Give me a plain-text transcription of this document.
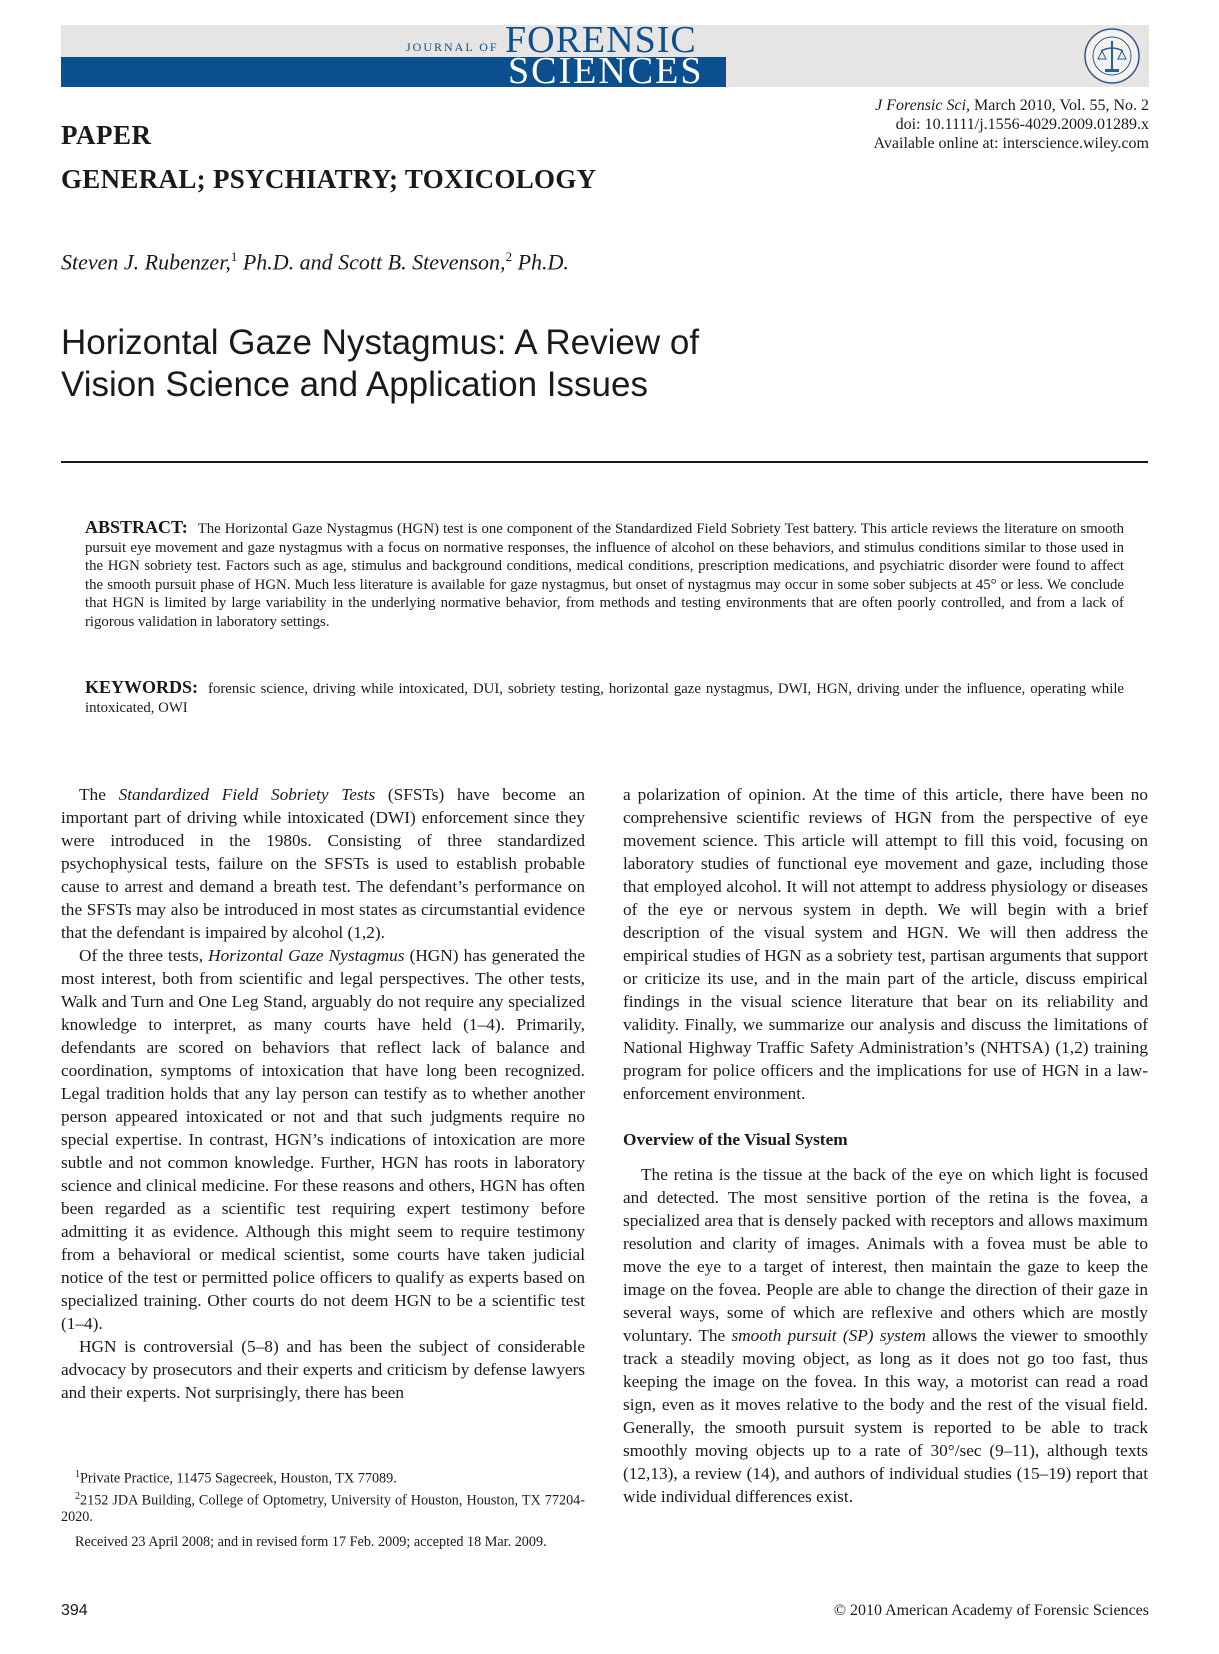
JOURNAL OF FORENSIC
SCIENCES
J Forensic Sci, March 2010, Vol. 55, No. 2
doi: 10.1111/j.1556-4029.2009.01289.x
Available online at: interscience.wiley.com
PAPER
GENERAL; PSYCHIATRY; TOXICOLOGY
Steven J. Rubenzer,$^1$ Ph.D. and Scott B. Stevenson,$^2$ Ph.D.
Horizontal Gaze Nystagmus: A Review of
Vision Science and Application Issues
ABSTRACT: The Horizontal Gaze Nystagmus (HGN) test is one component of the Standardized Field Sobriety Test battery. This article reviews the literature on smooth pursuit eye movement and gaze nystagmus with a focus on normative responses, the influence of alcohol on these behaviors, and stimulus conditions similar to those used in the HGN sobriety test. Factors such as age, stimulus and background conditions, medical conditions, prescription medications, and psychiatric disorder were found to affect the smooth pursuit phase of HGN. Much less literature is available for gaze nystagmus, but onset of nystagmus may occur in some sober subjects at 45° or less. We conclude that HGN is limited by large variability in the underlying normative behavior, from methods and testing environments that are often poorly controlled, and from a lack of rigorous validation in laboratory settings.
KEYWORDS: forensic science, driving while intoxicated, DUI, sobriety testing, horizontal gaze nystagmus, DWI, HGN, driving under the influence, operating while intoxicated, OWI

The Standardized Field Sobriety Tests (SFSTs) have become an important part of driving while intoxicated (DWI) enforcement since they were introduced in the 1980s. Consisting of three standardized psychophysical tests, failure on the SFSTs is used to establish probable cause to arrest and demand a breath test. The defendant’s performance on the SFSTs may also be introduced in most states as circumstantial evidence that the defendant is impaired by alcohol (1,2).

Of the three tests, Horizontal Gaze Nystagmus (HGN) has generated the most interest, both from scientific and legal perspectives. The other tests, Walk and Turn and One Leg Stand, arguably do not require any specialized knowledge to interpret, as many courts have held (1–4). Primarily, defendants are scored on behaviors that reflect lack of balance and coordination, symptoms of intoxication that have long been recognized. Legal tradition holds that any lay person can testify as to whether another person appeared intoxicated or not and that such judgments require no special expertise. In contrast, HGN’s indications of intoxication are more subtle and not common knowledge. Further, HGN has roots in laboratory science and clinical medicine. For these reasons and others, HGN has often been regarded as a scientific test requiring expert testimony before admitting it as evidence. Although this might seem to require testimony from a behavioral or medical scientist, some courts have taken judicial notice of the test or permitted police officers to qualify as experts based on specialized training. Other courts do not deem HGN to be a scientific test (1–4).

HGN is controversial (5–8) and has been the subject of considerable advocacy by prosecutors and their experts and criticism by defense lawyers and their experts. Not surprisingly, there has been

a polarization of opinion. At the time of this article, there have been no comprehensive scientific reviews of HGN from the perspective of eye movement science. This article will attempt to fill this void, focusing on laboratory studies of functional eye movement and gaze, including those that employed alcohol. It will not attempt to address physiology or diseases of the eye or nervous system in depth. We will begin with a brief description of the visual system and HGN. We will then address the empirical studies of HGN as a sobriety test, partisan arguments that support or criticize its use, and in the main part of the article, discuss empirical findings in the visual science literature that bear on its reliability and validity. Finally, we summarize our analysis and discuss the limitations of National Highway Traffic Safety Administration’s (NHTSA) (1,2) training program for police officers and the implications for use of HGN in a law-enforcement environment.

Overview of the Visual System

The retina is the tissue at the back of the eye on which light is focused and detected. The most sensitive portion of the retina is the fovea, a specialized area that is densely packed with receptors and allows maximum resolution and clarity of images. Animals with a fovea must be able to move the eye to a target of interest, then maintain the gaze to keep the image on the fovea. People are able to change the direction of their gaze in several ways, some of which are reflexive and others which are mostly voluntary. The smooth pursuit (SP) system allows the viewer to smoothly track a steadily moving object, as long as it does not go too fast, thus keeping the image on the fovea. In this way, a motorist can read a road sign, even as it moves relative to the body and the rest of the visual field. Generally, the smooth pursuit system is reported to be able to track smoothly moving objects up to a rate of 30°/sec (9–11), although texts (12,13), a review (14), and authors of individual studies (15–19) report that wide individual differences exist.

$^1$Private Practice, 11475 Sagecreek, Houston, TX 77089.

$^2$2152 JDA Building, College of Optometry, University of Houston, Houston, TX 77204-2020.

Received 23 April 2008; and in revised form 17 Feb. 2009; accepted 18 Mar. 2009.

394	© 2010 American Academy of Forensic Sciences
